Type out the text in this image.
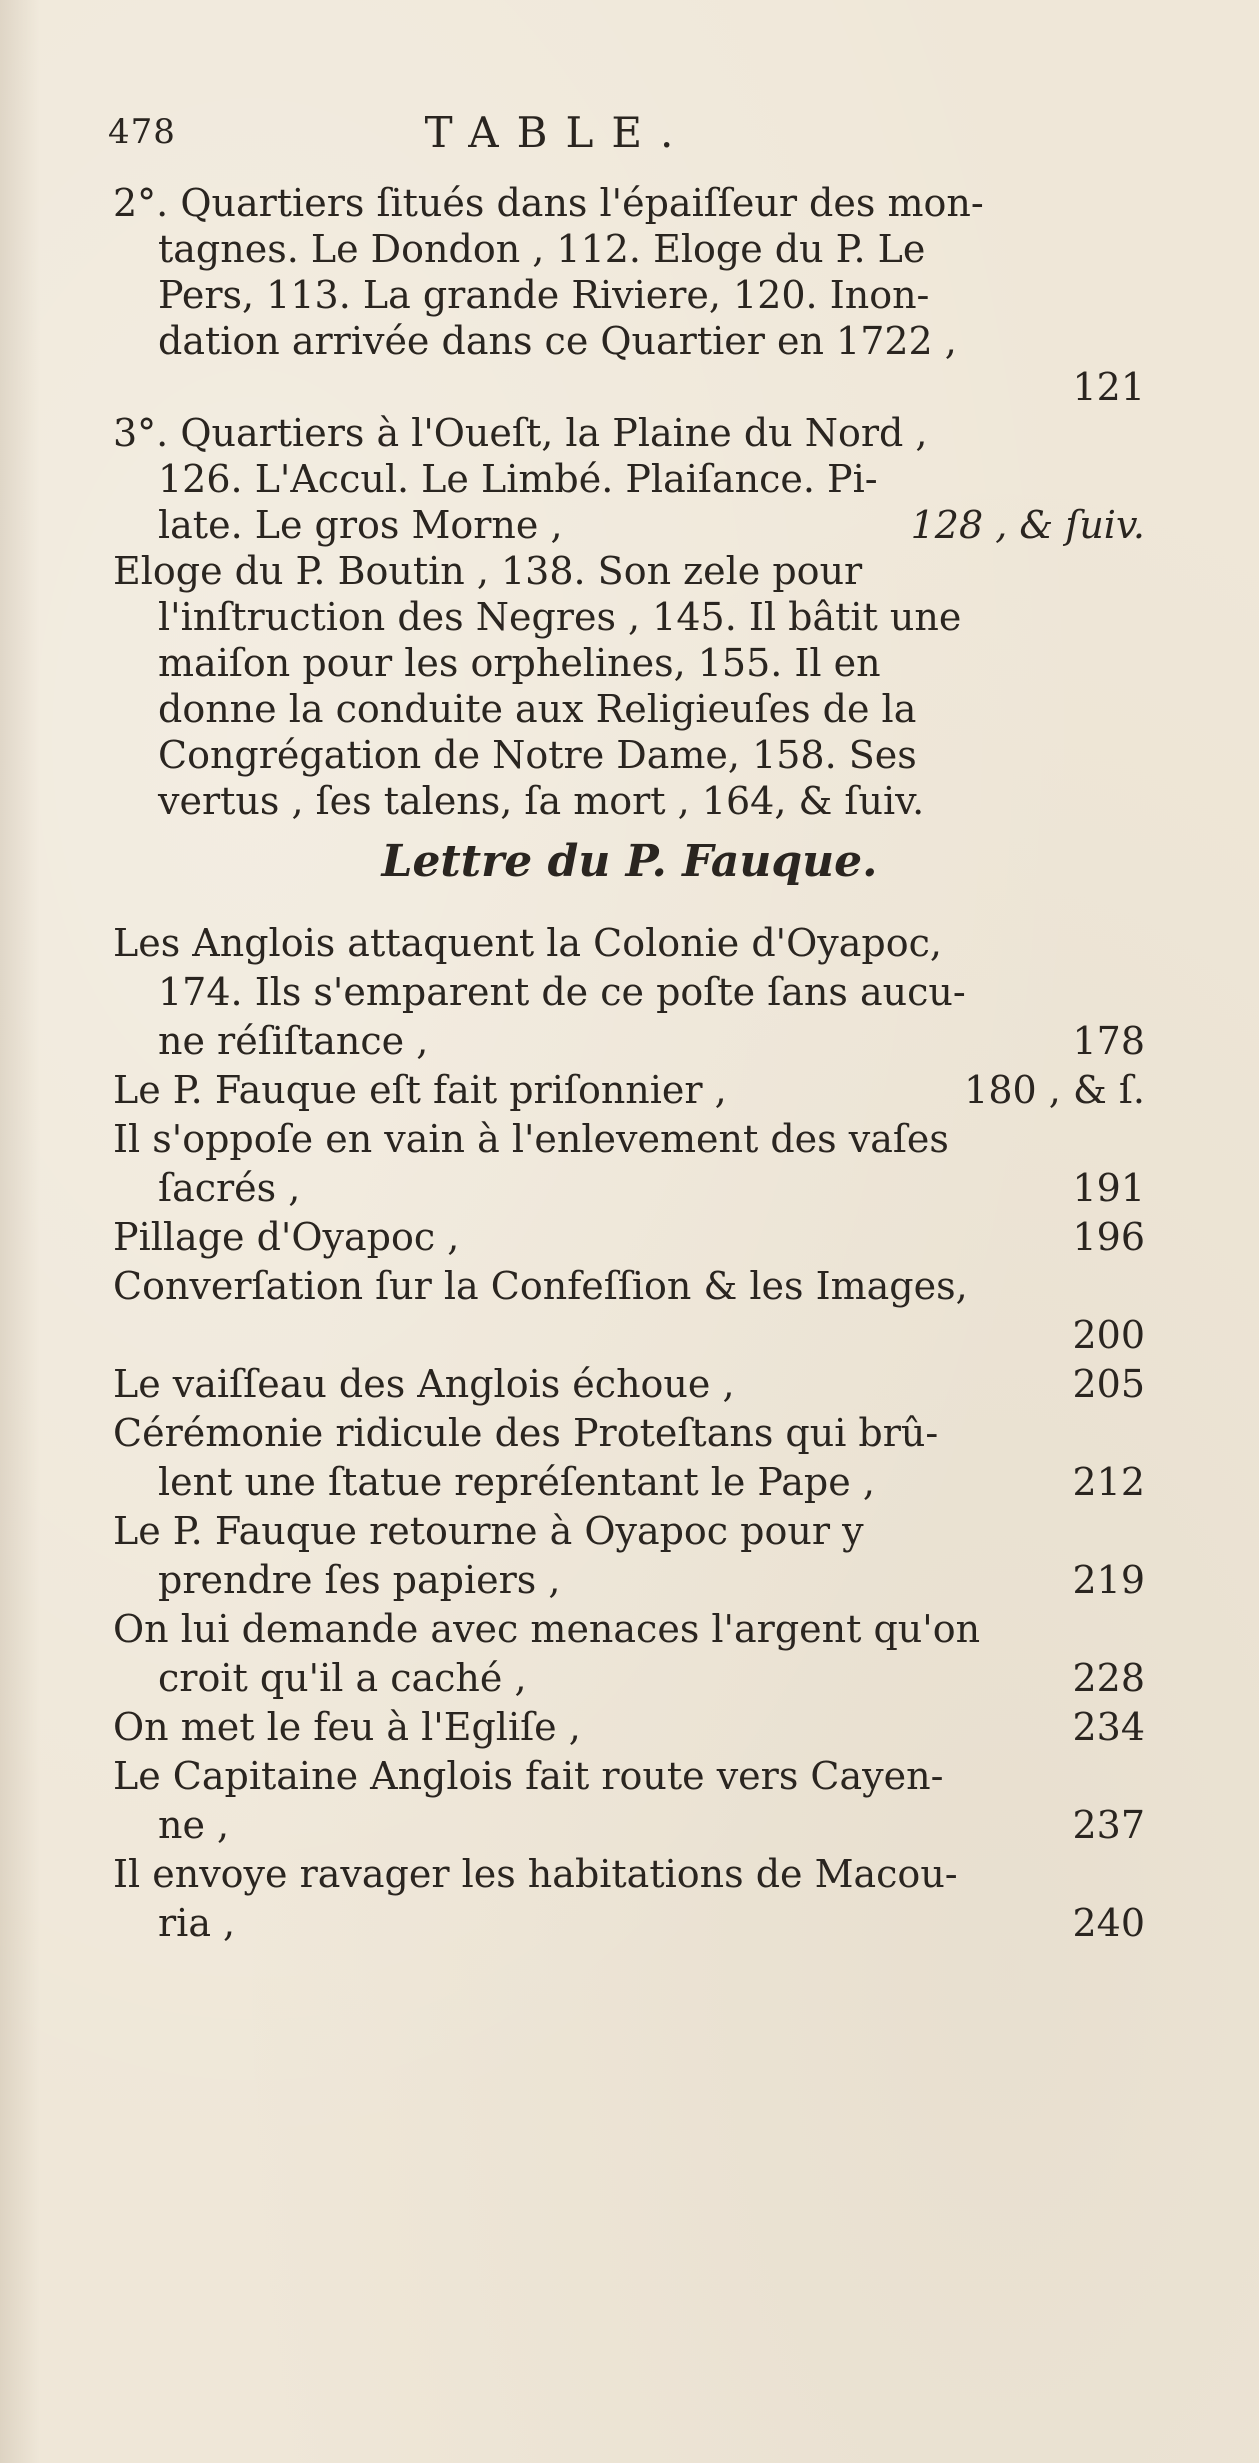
478	TABLE.
2°. Quartiers ſitués dans l'épaiſſeur des mon-
tagnes. Le Dondon , 112. Eloge du P. Le
Pers, 113. La grande Riviere, 120. Inon-
dation arrivée dans ce Quartier en 1722 ,
121
3°. Quartiers à l'Oueſt, la Plaine du Nord ,
126. L'Accul. Le Limbé. Plaiſance. Pi-
late. Le gros Morne ,	128 , & ſuiv.
Eloge du P. Boutin , 138. Son zele pour
l'inſtruction des Negres , 145. Il bâtit une
maiſon pour les orphelines, 155. Il en
donne la conduite aux Religieuſes de la
Congrégation de Notre Dame, 158. Ses
vertus , ſes talens, ſa mort , 164, & ſuiv.
Lettre du P. Fauque.
Les Anglois attaquent la Colonie d'Oyapoc,
174. Ils s'emparent de ce poſte ſans aucu-
ne réſiſtance ,	178
Le P. Fauque eſt fait priſonnier ,	180 , & ſ.
Il s'oppoſe en vain à l'enlevement des vaſes
ſacrés ,	191
Pillage d'Oyapoc ,	196
Converſation ſur la Confeſſion & les Images,
200
Le vaiſſeau des Anglois échoue ,	205
Cérémonie ridicule des Proteſtans qui brû-
lent une ſtatue repréſentant le Pape ,	212
Le P. Fauque retourne à Oyapoc pour y
prendre ſes papiers ,	219
On lui demande avec menaces l'argent qu'on
croit qu'il a caché ,	228
On met le feu à l'Egliſe ,	234
Le Capitaine Anglois fait route vers Cayen-
ne ,	237
Il envoye ravager les habitations de Macou-
ria ,	240
